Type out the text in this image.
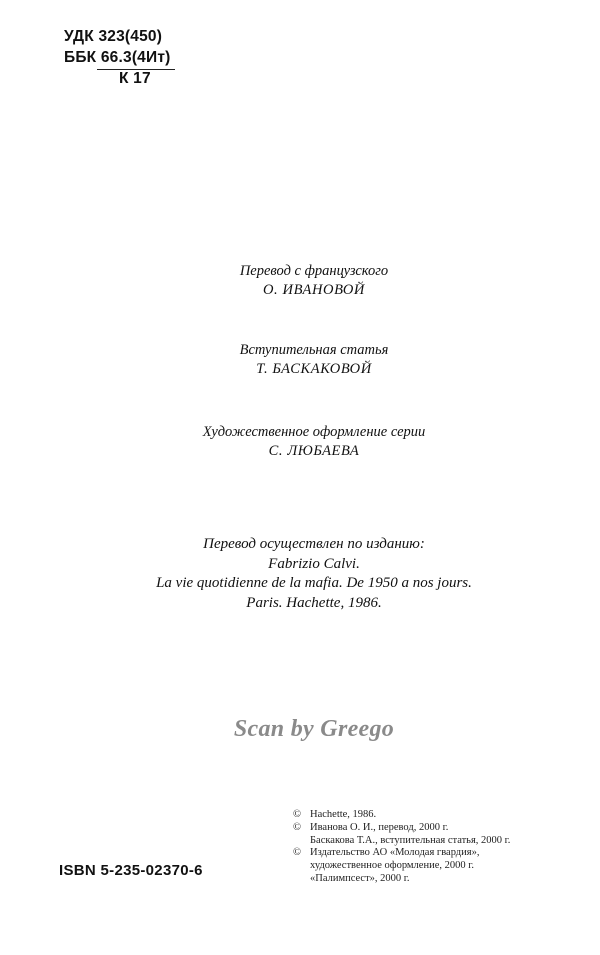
УДК 323(450)
ББК 66.3(4Ит)
К 17
Перевод с французского
О. ИВАНОВОЙ
Вступительная статья
Т. БАСКАКОВОЙ
Художественное оформление серии
С. ЛЮБАЕВА
Перевод осуществлен по изданию:
Fabrizio Calvi.
La vie quotidienne de la mafia. De 1950 a nos jours.
Paris. Hachette, 1986.
Scan by Greego
ISBN 5-235-02370-6
© Hachette, 1986.
© Иванова О. И., перевод, 2000 г.
Баскакова Т.А., вступительная статья, 2000 г.
© Издательство АО «Молодая гвардия»,
художественное оформление, 2000 г.
«Палимпсест», 2000 г.
